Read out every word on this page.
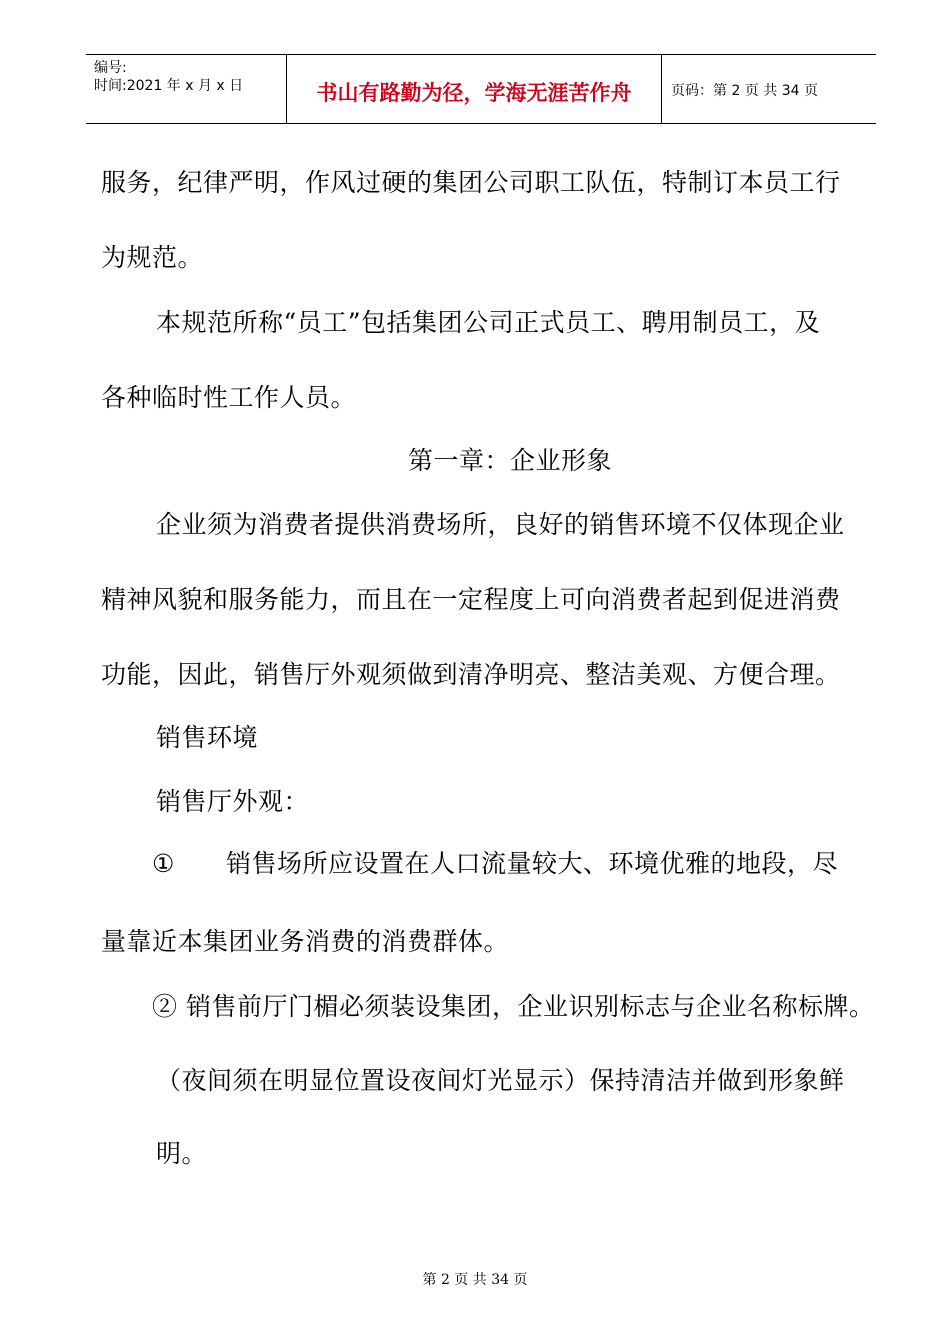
编号:
时间:2021 年 x 月 x 日	书山有路勤为径，学海无涯苦作舟	页码：第 2 页 共 34 页
服务，纪律严明，作风过硬的集团公司职工队伍，特制订本员工行
为规范。
本规范所称“员工”包括集团公司正式员工、聘用制员工，及
各种临时性工作人员。
第一章：企业形象
企业须为消费者提供消费场所，良好的销售环境不仅体现企业
精神风貌和服务能力，而且在一定程度上可向消费者起到促进消费
功能，因此，销售厅外观须做到清净明亮、整洁美观、方便合理。
销售环境
销售厅外观：
① 销售场所应设置在人口流量较大、环境优雅的地段，尽
量靠近本集团业务消费的消费群体。
② 销售前厅门楣必须装设集团，企业识别标志与企业名称标牌。
（夜间须在明显位置设夜间灯光显示）保持清洁并做到形象鲜
明。
第 2 页 共 34 页
